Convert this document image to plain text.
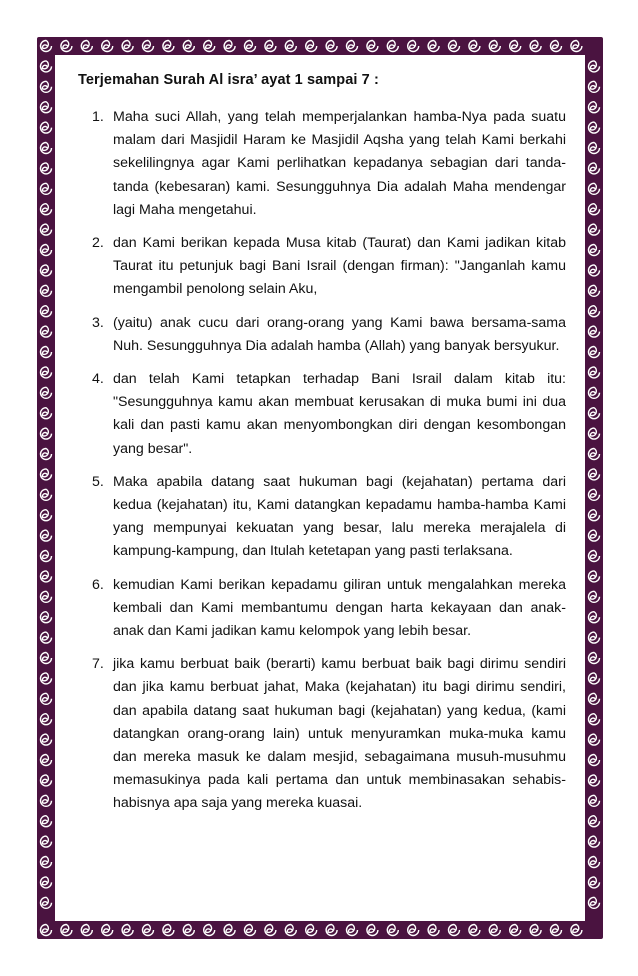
Terjemahan Surah Al isra’ ayat 1 sampai 7 :
1. Maha suci Allah, yang telah memperjalankan hamba-Nya pada suatu malam dari Masjidil Haram ke Masjidil Aqsha yang telah Kami berkahi sekelilingnya agar Kami perlihatkan kepadanya sebagian dari tanda-tanda (kebesaran) kami. Sesungguhnya Dia adalah Maha mendengar lagi Maha mengetahui.
2. dan Kami berikan kepada Musa kitab (Taurat) dan Kami jadikan kitab Taurat itu petunjuk bagi Bani Israil (dengan firman): "Janganlah kamu mengambil penolong selain Aku,
3. (yaitu) anak cucu dari orang-orang yang Kami bawa bersama-sama Nuh. Sesungguhnya Dia adalah hamba (Allah) yang banyak bersyukur.
4. dan telah Kami tetapkan terhadap Bani Israil dalam kitab itu: "Sesungguhnya kamu akan membuat kerusakan di muka bumi ini dua kali dan pasti kamu akan menyombongkan diri dengan kesombongan yang besar".
5. Maka apabila datang saat hukuman bagi (kejahatan) pertama dari kedua (kejahatan) itu, Kami datangkan kepadamu hamba-hamba Kami yang mempunyai kekuatan yang besar, lalu mereka merajalela di kampung-kampung, dan Itulah ketetapan yang pasti terlaksana.
6. kemudian Kami berikan kepadamu giliran untuk mengalahkan mereka kembali dan Kami membantumu dengan harta kekayaan dan anak-anak dan Kami jadikan kamu kelompok yang lebih besar.
7. jika kamu berbuat baik (berarti) kamu berbuat baik bagi dirimu sendiri dan jika kamu berbuat jahat, Maka (kejahatan) itu bagi dirimu sendiri, dan apabila datang saat hukuman bagi (kejahatan) yang kedua, (kami datangkan orang-orang lain) untuk menyuramkan muka-muka kamu dan mereka masuk ke dalam mesjid, sebagaimana musuh-musuhmu memasukinya pada kali pertama dan untuk membinasakan sehabis-habisnya apa saja yang mereka kuasai.
